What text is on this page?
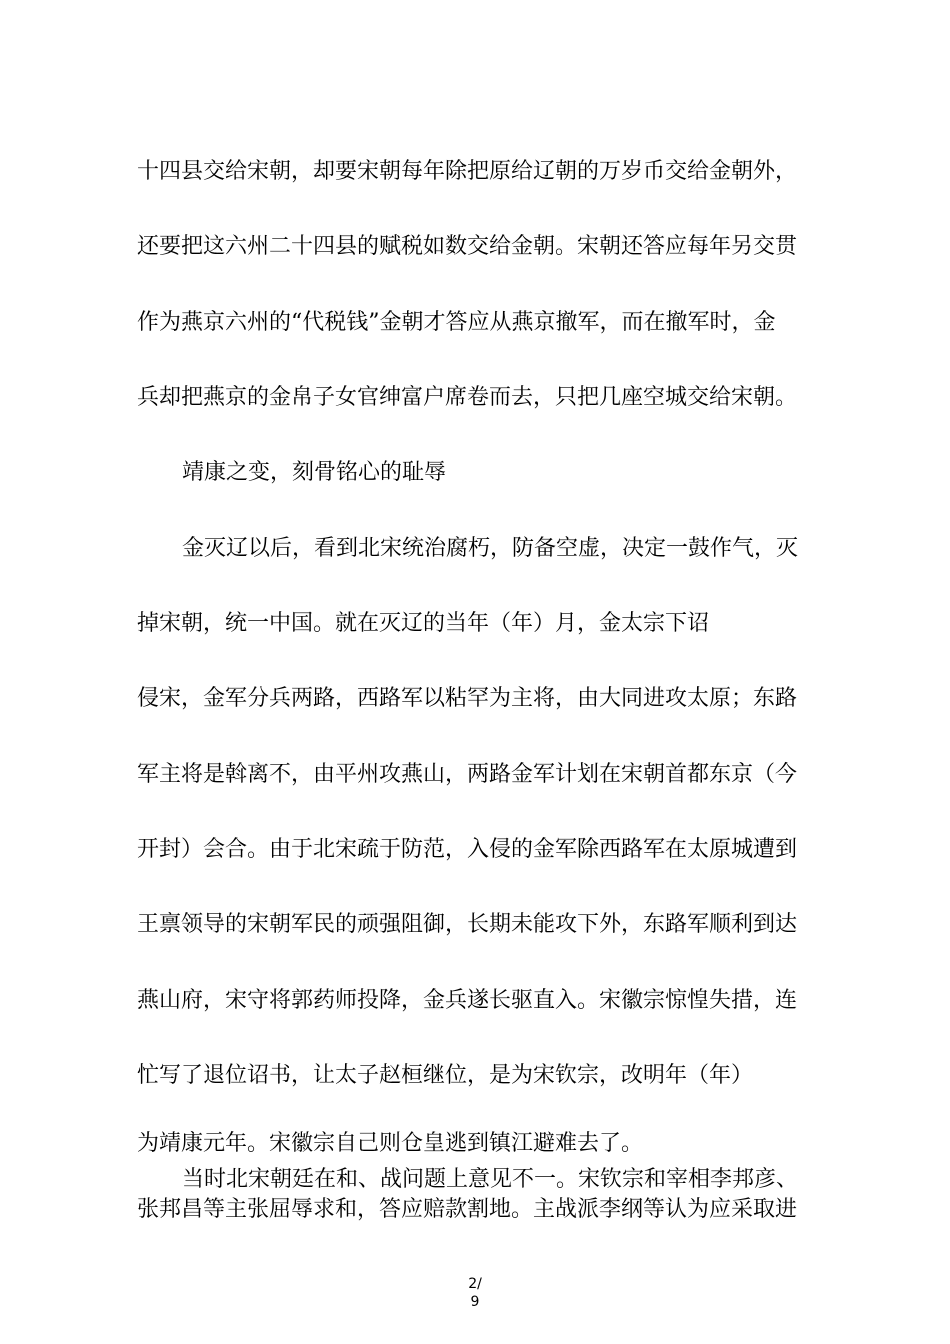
十四县交给宋朝，却要宋朝每年除把原给辽朝的万岁币交给金朝外，
还要把这六州二十四县的赋税如数交给金朝。宋朝还答应每年另交贯
作为燕京六州的“代税钱”金朝才答应从燕京撤军，而在撤军时，金
兵却把燕京的金帛子女官绅富户席卷而去，只把几座空城交给宋朝。
靖康之变，刻骨铭心的耻辱
金灭辽以后，看到北宋统治腐朽，防备空虚，决定一鼓作气，灭
掉宋朝，统一中国。就在灭辽的当年（年）月，金太宗下诏
侵宋，金军分兵两路，西路军以粘罕为主将，由大同进攻太原；东路
军主将是斡离不，由平州攻燕山，两路金军计划在宋朝首都东京（今
开封）会合。由于北宋疏于防范，入侵的金军除西路军在太原城遭到
王禀领导的宋朝军民的顽强阻御，长期未能攻下外，东路军顺利到达
燕山府，宋守将郭药师投降，金兵遂长驱直入。宋徽宗惊惶失措，连
忙写了退位诏书，让太子赵桓继位，是为宋钦宗，改明年（年）
为靖康元年。宋徽宗自己则仓皇逃到镇江避难去了。
当时北宋朝廷在和、战问题上意见不一。宋钦宗和宰相李邦彦、
张邦昌等主张屈辱求和，答应赔款割地。主战派李纲等认为应采取进
2/
9
